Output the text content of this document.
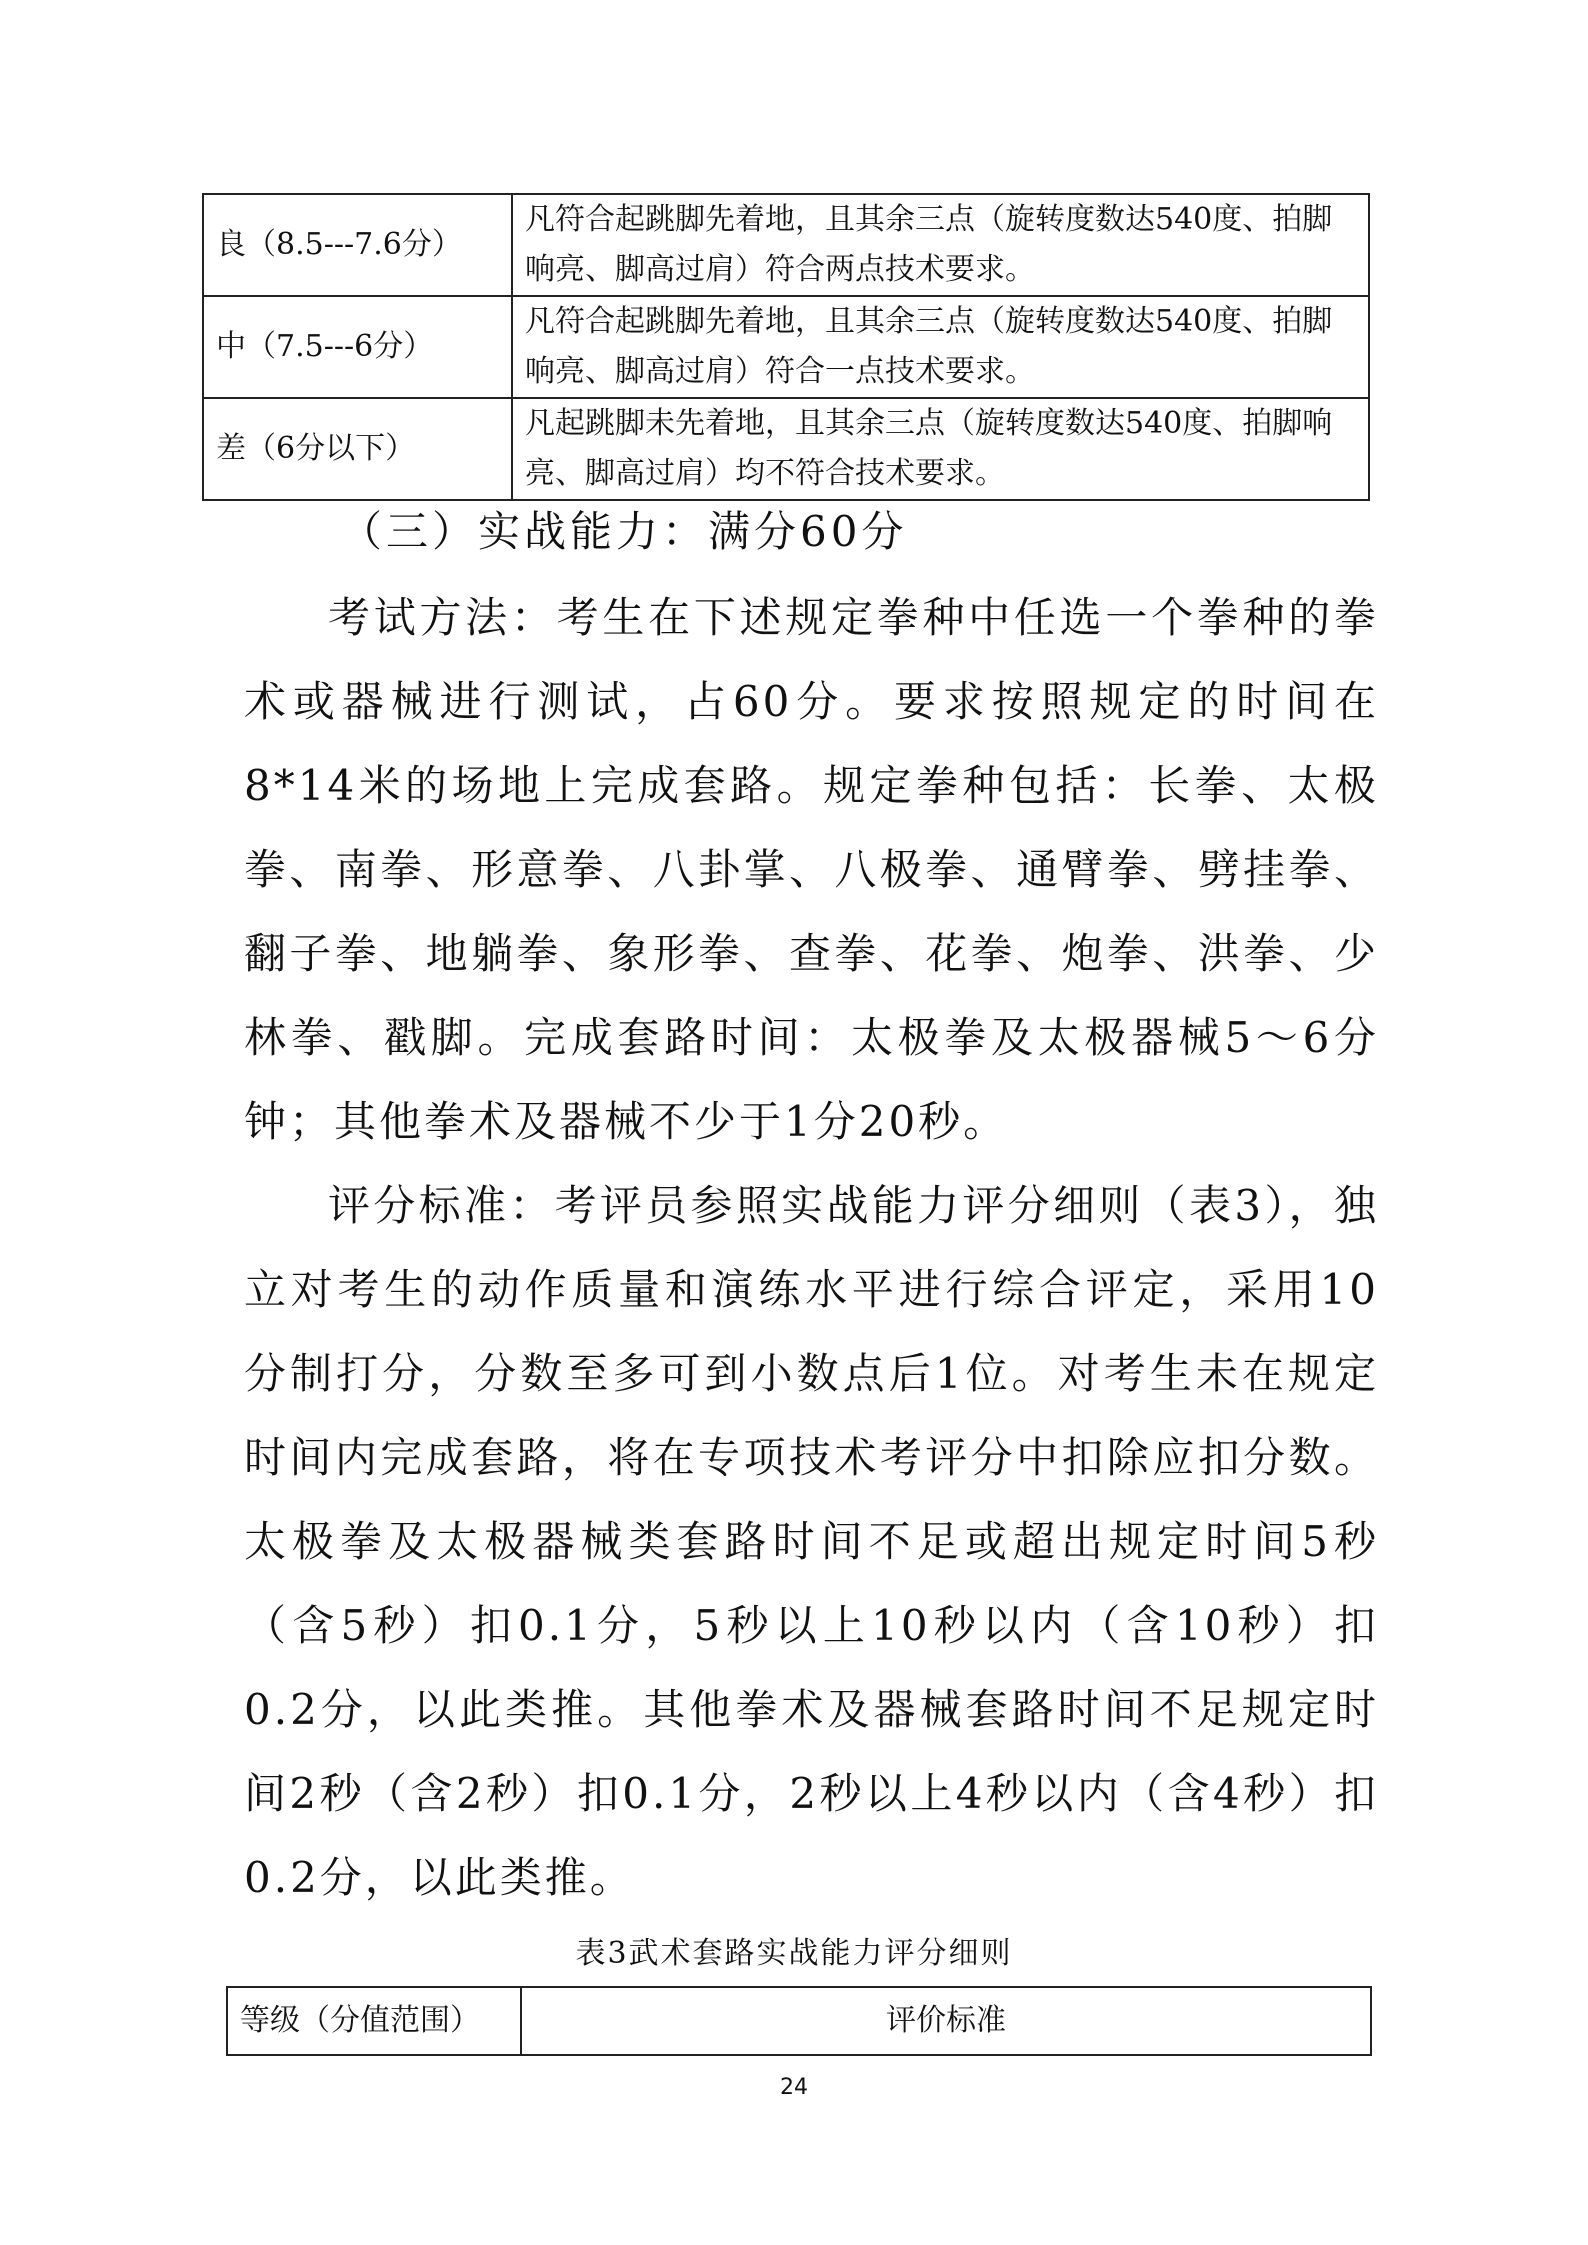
良（8.5---7.6分）	凡符合起跳脚先着地，且其余三点（旋转度数达540度、拍脚响亮、脚高过肩）符合两点技术要求。
中（7.5---6分）	凡符合起跳脚先着地，且其余三点（旋转度数达540度、拍脚响亮、脚高过肩）符合一点技术要求。
差（6分以下）	凡起跳脚未先着地，且其余三点（旋转度数达540度、拍脚响亮、脚高过肩）均不符合技术要求。
（三）实战能力：满分60分

考试方法：考生在下述规定拳种中任选一个拳种的拳术或器械进行测试，占60分。要求按照规定的时间在8*14米的场地上完成套路。规定拳种包括：长拳、太极拳、南拳、形意拳、八卦掌、八极拳、通臂拳、劈挂拳、翻子拳、地躺拳、象形拳、查拳、花拳、炮拳、洪拳、少林拳、戳脚。完成套路时间：太极拳及太极器械5～6分钟；其他拳术及器械不少于1分20秒。

评分标准：考评员参照实战能力评分细则（表3），独立对考生的动作质量和演练水平进行综合评定，采用10分制打分，分数至多可到小数点后1位。对考生未在规定时间内完成套路，将在专项技术考评分中扣除应扣分数。太极拳及太极器械类套路时间不足或超出规定时间5秒（含5秒）扣0.1分，5秒以上10秒以内（含10秒）扣0.2分，以此类推。其他拳术及器械套路时间不足规定时间2秒（含2秒）扣0.1分，2秒以上4秒以内（含4秒）扣0.2分，以此类推。

表3武术套路实战能力评分细则
等级（分值范围）	评价标准
24
